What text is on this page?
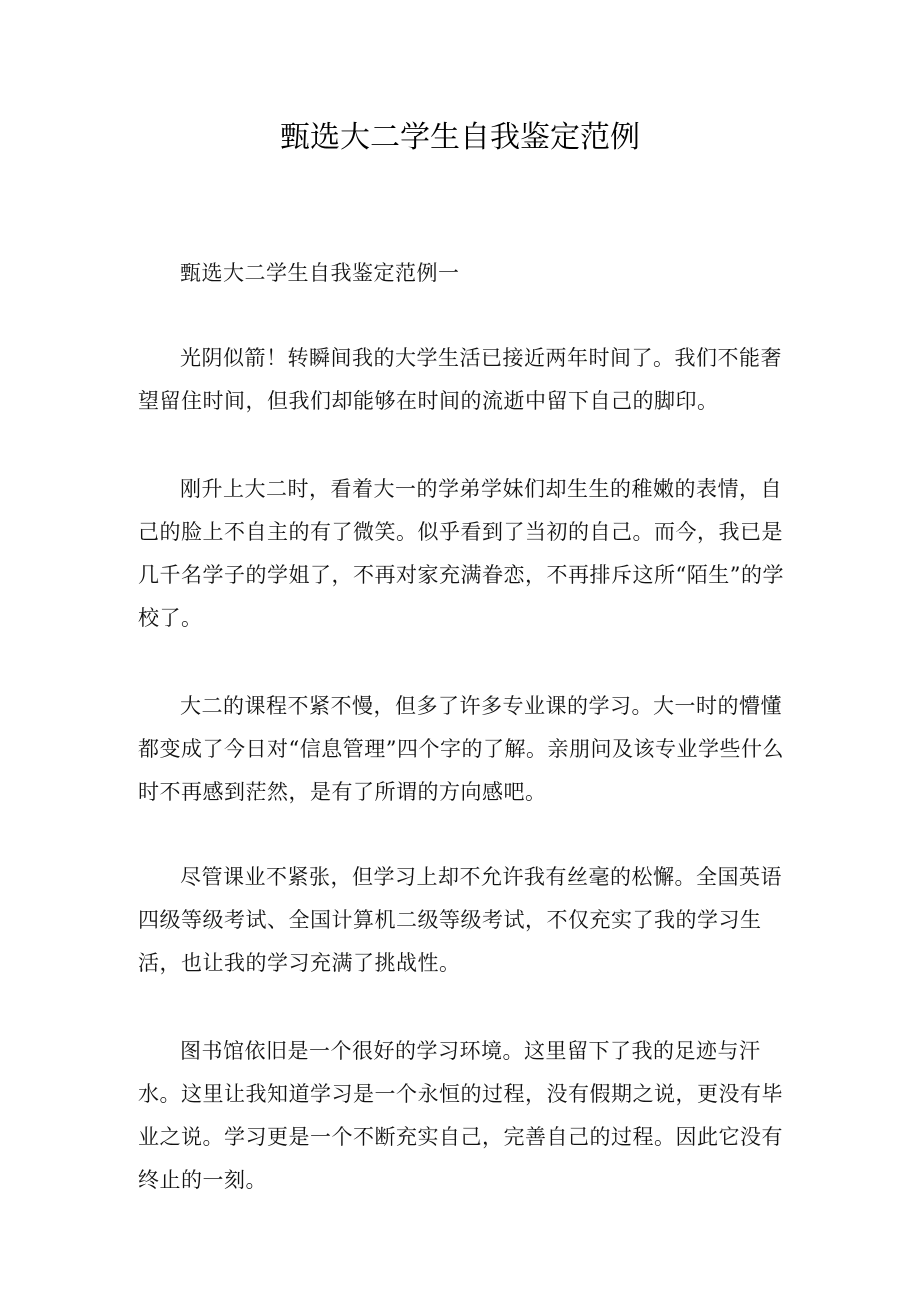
甄选大二学生自我鉴定范例

甄选大二学生自我鉴定范例一

光阴似箭！转瞬间我的大学生活已接近两年时间了。我们不能奢望留住时间，但我们却能够在时间的流逝中留下自己的脚印。

刚升上大二时，看着大一的学弟学妹们却生生的稚嫩的表情，自己的脸上不自主的有了微笑。似乎看到了当初的自己。而今，我已是几千名学子的学姐了，不再对家充满眷恋，不再排斥这所“陌生”的学校了。

大二的课程不紧不慢，但多了许多专业课的学习。大一时的懵懂都变成了今日对“信息管理”四个字的了解。亲朋问及该专业学些什么时不再感到茫然，是有了所谓的方向感吧。

尽管课业不紧张，但学习上却不允许我有丝毫的松懈。全国英语四级等级考试、全国计算机二级等级考试，不仅充实了我的学习生活，也让我的学习充满了挑战性。

图书馆依旧是一个很好的学习环境。这里留下了我的足迹与汗水。这里让我知道学习是一个永恒的过程，没有假期之说，更没有毕业之说。学习更是一个不断充实自己，完善自己的过程。因此它没有终止的一刻。
